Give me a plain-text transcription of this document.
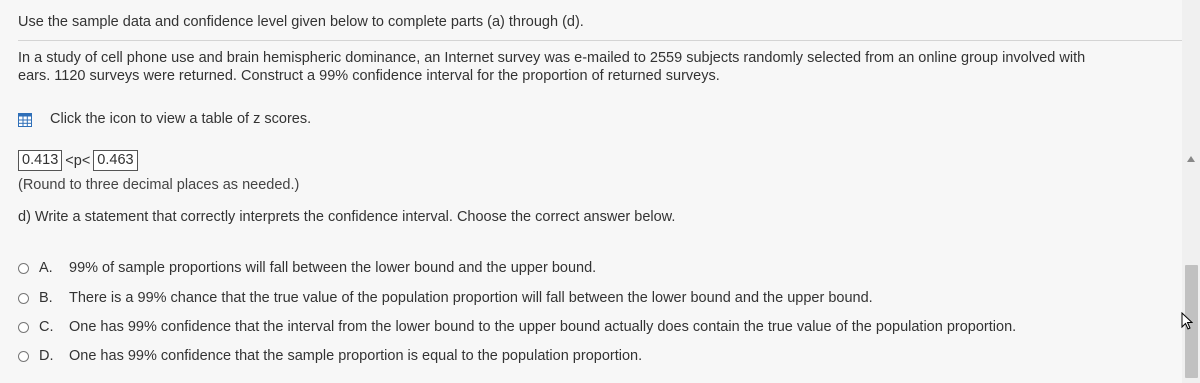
Use the sample data and confidence level given below to complete parts (a) through (d).
In a study of cell phone use and brain hemispheric dominance, an Internet survey was e-mailed to 2559 subjects randomly selected from an online group involved with
ears. 1120 surveys were returned. Construct a 99% confidence interval for the proportion of returned surveys.
Click the icon to view a table of z scores.
0.413 <p< 0.463
(Round to three decimal places as needed.)
d) Write a statement that correctly interprets the confidence interval. Choose the correct answer below.
A.	99% of sample proportions will fall between the lower bound and the upper bound.
B.	There is a 99% chance that the true value of the population proportion will fall between the lower bound and the upper bound.
C.	One has 99% confidence that the interval from the lower bound to the upper bound actually does contain the true value of the population proportion.
D.	One has 99% confidence that the sample proportion is equal to the population proportion.
